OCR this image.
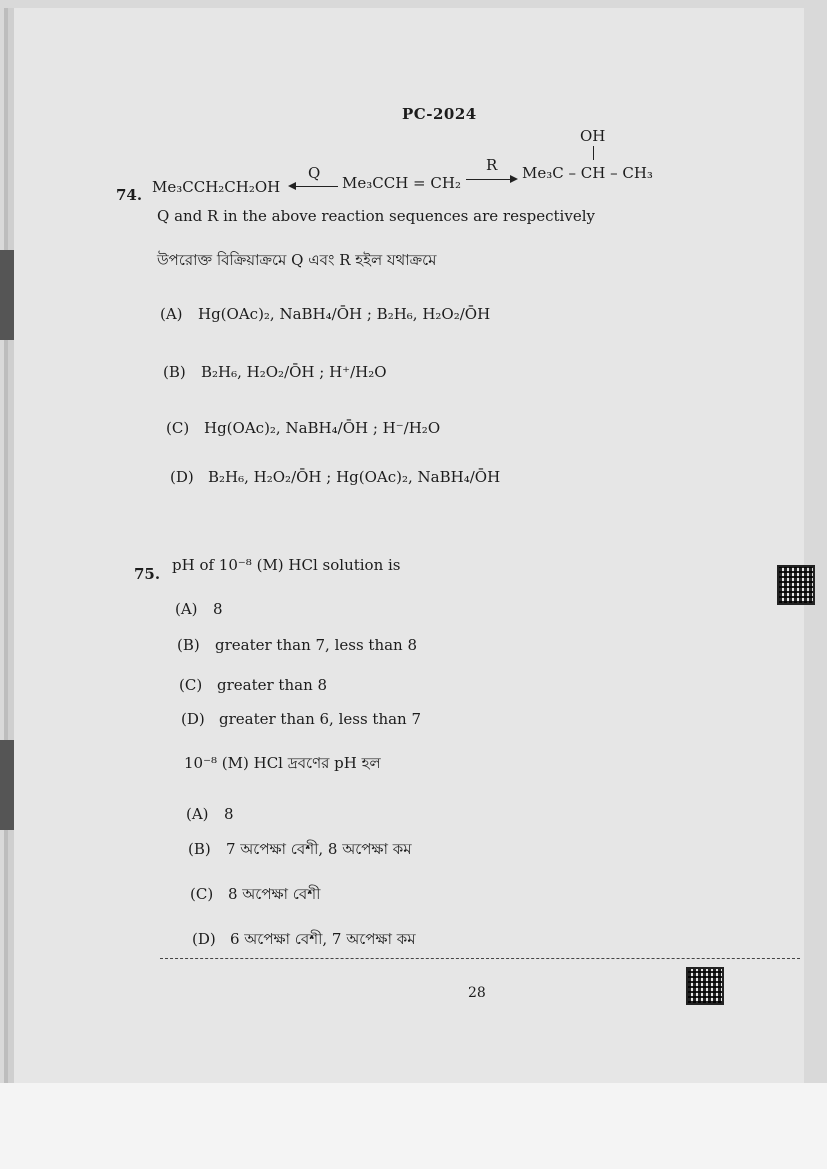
PC-2024
74. Me₃CCH₂CH₂OH
Q
Me₃CCH = CH₂
R
OH
Me₃C – CH – CH₃
Q and R in the above reaction sequences are respectively
উপরোক্ত বিক্রিয়াক্রমে Q এবং R হইল যথাক্রমে
(A) Hg(OAc)₂, NaBH₄/ŌH ; B₂H₆, H₂O₂/ŌH
(B) B₂H₆, H₂O₂/ŌH ; H⁺/H₂O
(C) Hg(OAc)₂, NaBH₄/ŌH ; H⁻/H₂O
(D) B₂H₆, H₂O₂/ŌH ; Hg(OAc)₂, NaBH₄/ŌH
75. pH of 10⁻⁸ (M) HCl solution is
(A) 8
(B) greater than 7, less than 8
(C) greater than 8
(D) greater than 6, less than 7
10⁻⁸ (M) HCl দ্রবণের pH হল
(A) 8
(B) 7 অপেক্ষা বেশী, 8 অপেক্ষা কম
(C) 8 অপেক্ষা বেশী
(D) 6 অপেক্ষা বেশী, 7 অপেক্ষা কম
28
